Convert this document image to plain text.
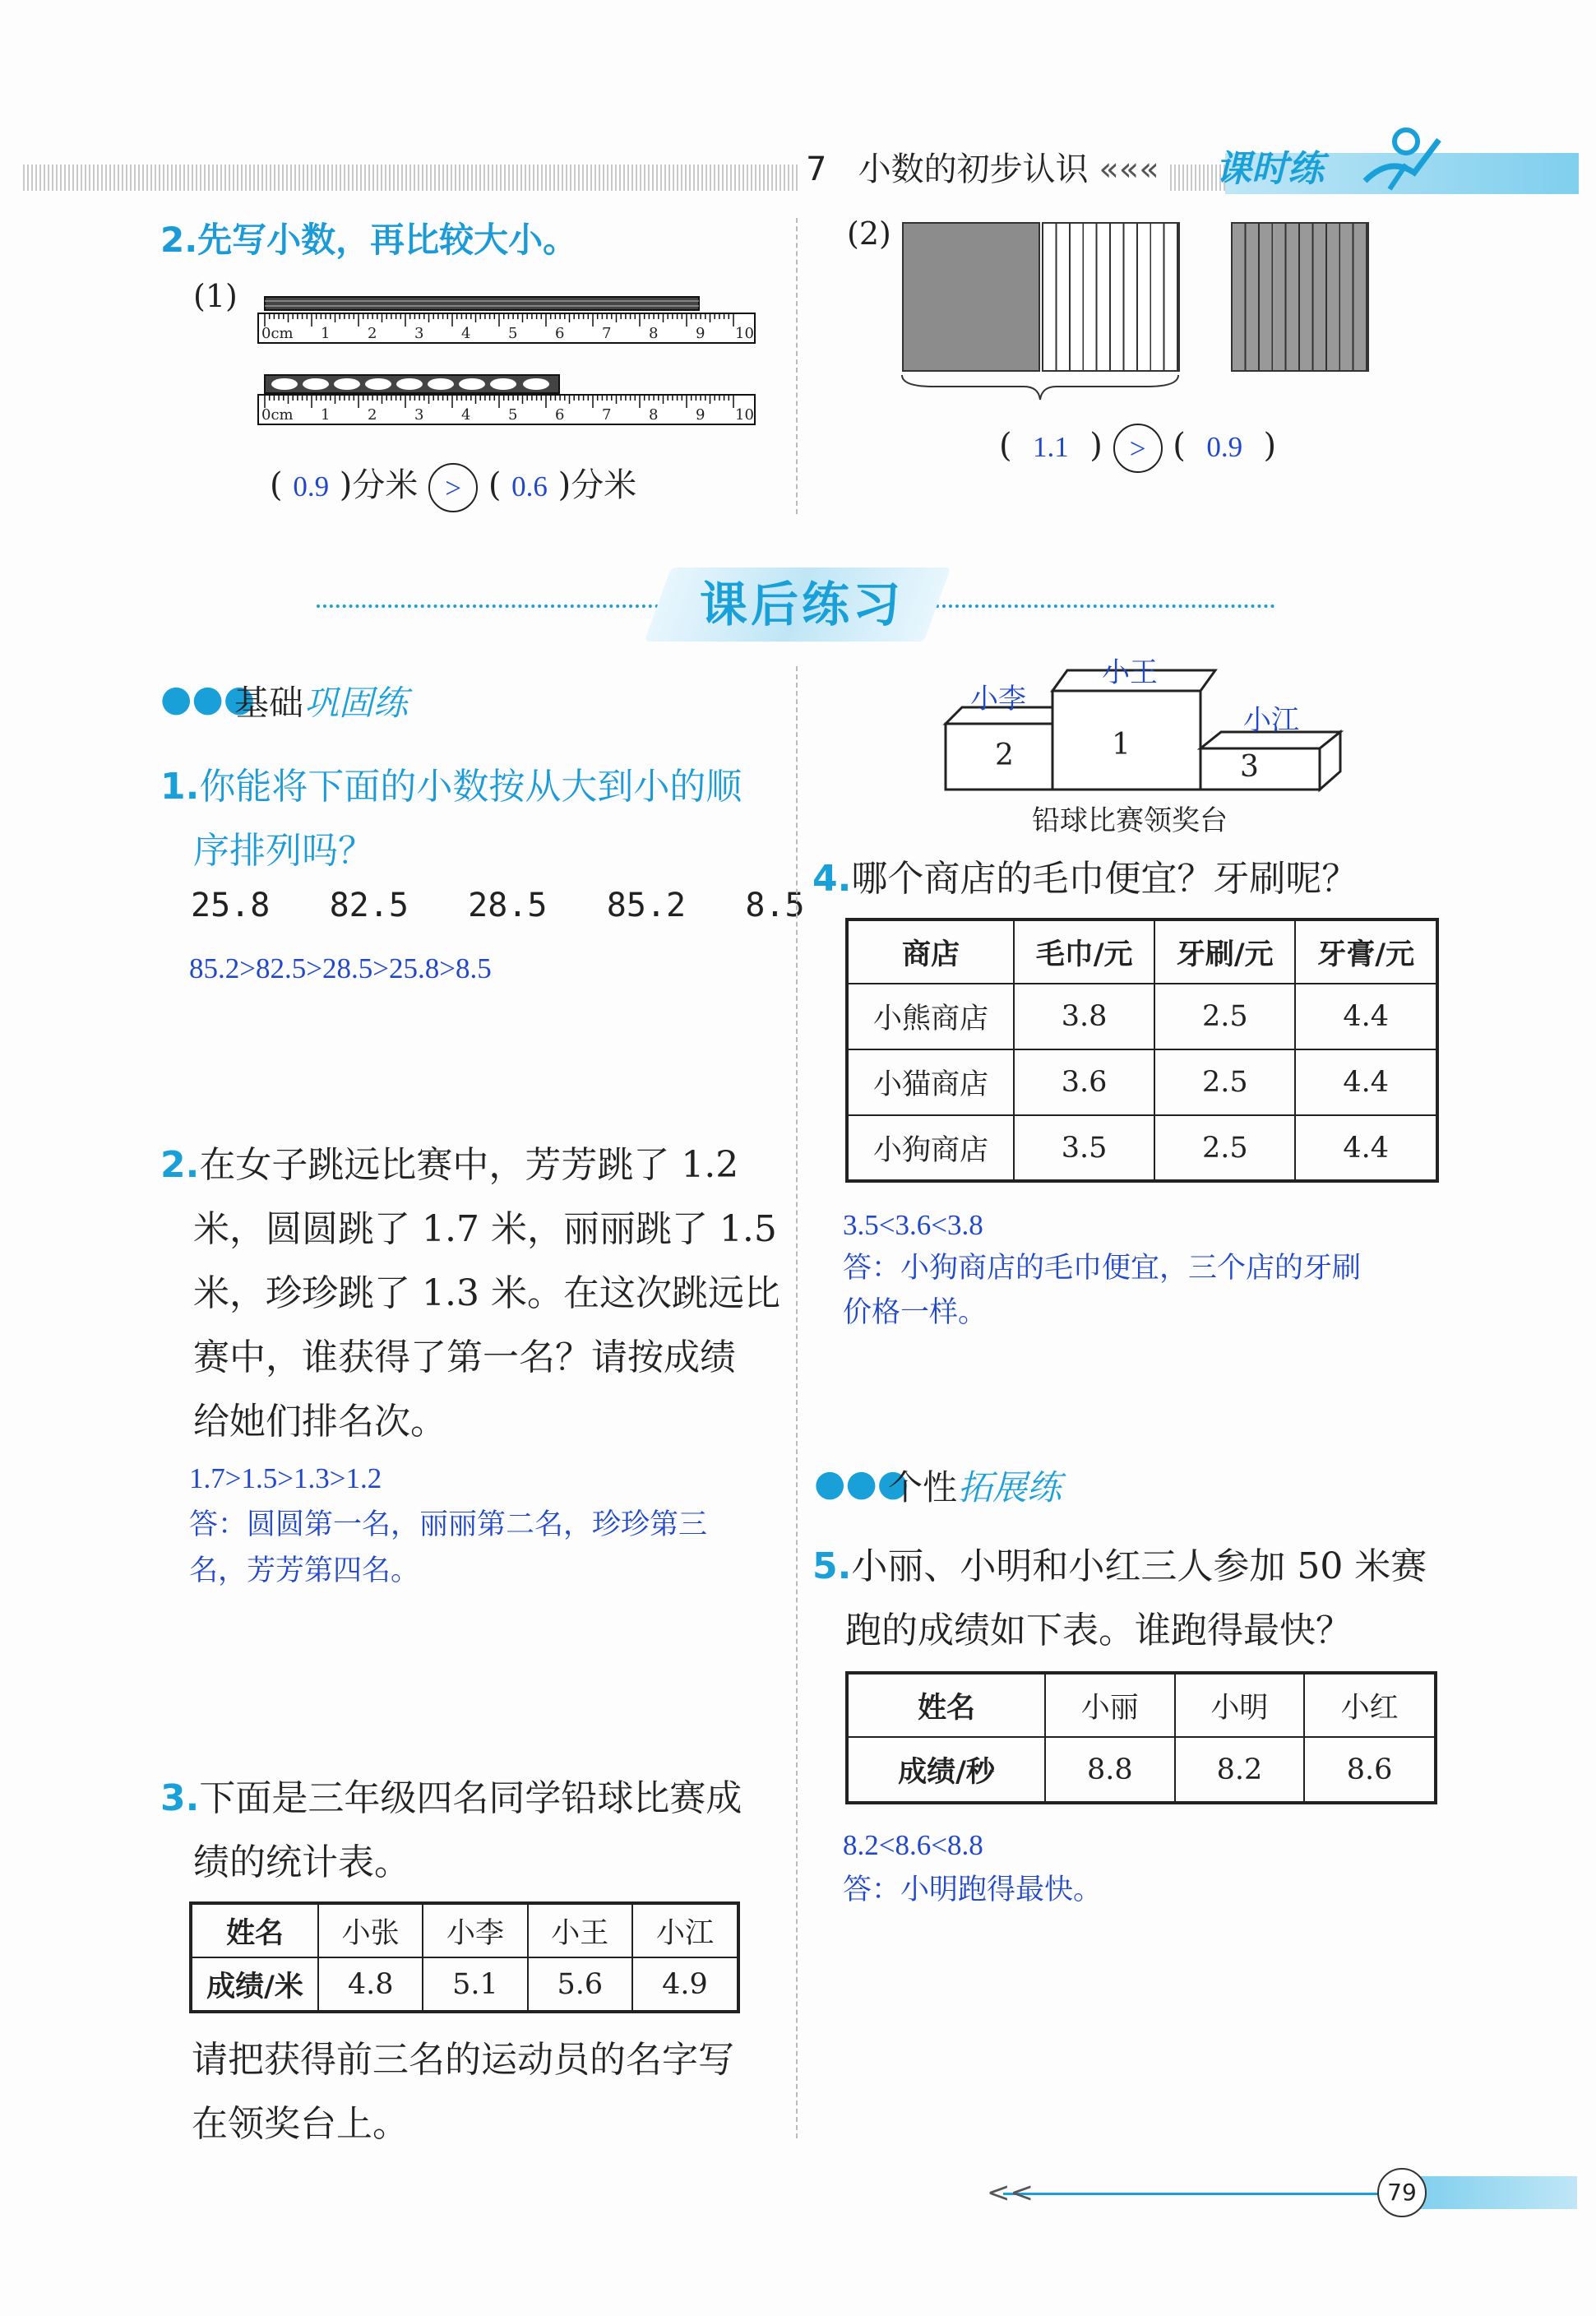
7 小数的初步认识 ««« 课时练
2.先写小数，再比较大小。
(1)
0cm 1	2	3	4	5	6	7	8	9 10
0cm 1	2	3	4	5	6	7	8	9 10
( 0.9 )分米 > ( 0.6 )分米
(2)
(  1.1  ) > (  0.9  )
课后练习
●●●
基础 巩固练
1.你能将下面的小数按从大到小的顺
序排列吗？
25.8 82.5 28.5 85.2 8.5
85.2>82.5>28.5>25.8>8.5
2.在女子跳远比赛中，芳芳跳了 1.2
米，圆圆跳了 1.7 米，丽丽跳了 1.5
米，珍珍跳了 1.3 米。在这次跳远比
赛中，谁获得了第一名？请按成绩
给她们排名次。
1.7>1.5>1.3>1.2
答：圆圆第一名，丽丽第二名，珍珍第三
名，芳芳第四名。
3.下面是三年级四名同学铅球比赛成
绩的统计表。
姓名	小张	小李	小王	小江
成绩/米	4.8	5.1	5.6	4.9
请把获得前三名的运动员的名字写
在领奖台上。
小李
小王
小江
2	1
3
铅球比赛领奖台
4.哪个商店的毛巾便宜？牙刷呢？
商店	毛巾/元	牙刷/元	牙膏/元
小熊商店	3.8	2.5	4.4
小猫商店	3.6	2.5	4.4
小狗商店	3.5	2.5	4.4
3.5<3.6<3.8
答：小狗商店的毛巾便宜，三个店的牙刷
价格一样。
●●●
个性 拓展练
5.小丽、小明和小红三人参加 50 米赛
跑的成绩如下表。谁跑得最快？
姓名	小丽	小明	小红
成绩/秒	8.8	8.2	8.6
8.2<8.6<8.8
答：小明跑得最快。
<<	79
